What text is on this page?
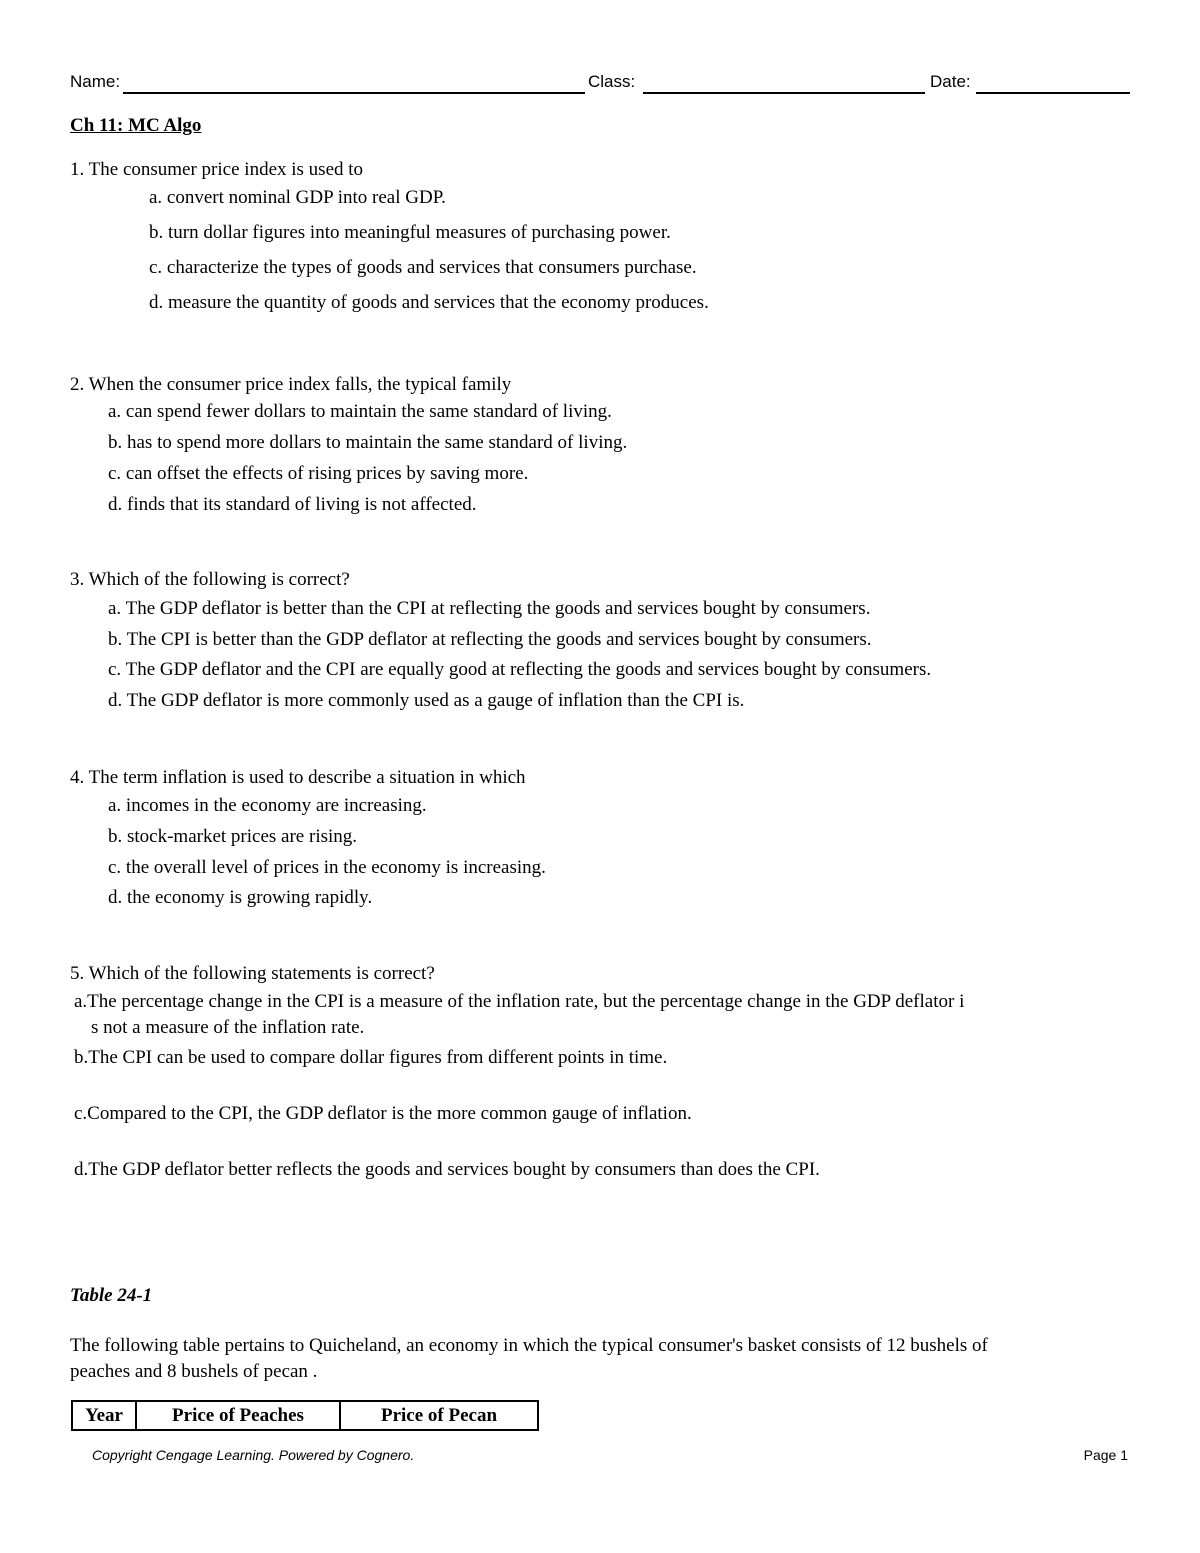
Name:	Class:	Date:
Ch 11: MC Algo
1. The consumer price index is used to
a. convert nominal GDP into real GDP.
b. turn dollar figures into meaningful measures of purchasing power.
c. characterize the types of goods and services that consumers purchase.
d. measure the quantity of goods and services that the economy produces.
2. When the consumer price index falls, the typical family
a. can spend fewer dollars to maintain the same standard of living.
b. has to spend more dollars to maintain the same standard of living.
c. can offset the effects of rising prices by saving more.
d. finds that its standard of living is not affected.
3. Which of the following is correct?
a. The GDP deflator is better than the CPI at reflecting the goods and services bought by consumers.
b. The CPI is better than the GDP deflator at reflecting the goods and services bought by consumers.
c. The GDP deflator and the CPI are equally good at reflecting the goods and services bought by consumers.
d. The GDP deflator is more commonly used as a gauge of inflation than the CPI is.
4. The term inflation is used to describe a situation in which
a. incomes in the economy are increasing.
b. stock-market prices are rising.
c. the overall level of prices in the economy is increasing.
d. the economy is growing rapidly.
5. Which of the following statements is correct?
a.The percentage change in the CPI is a measure of the inflation rate, but the percentage change in the GDP deflator i
s not a measure of the inflation rate.
b.The CPI can be used to compare dollar figures from different points in time.
c.Compared to the CPI, the GDP deflator is the more common gauge of inflation.
d.The GDP deflator better reflects the goods and services bought by consumers than does the CPI.
Table 24-1
The following table pertains to Quicheland, an economy in which the typical consumer's basket consists of 12 bushels of
peaches and 8 bushels of pecan .
Year	Price of Peaches	Price of Pecan
Copyright Cengage Learning. Powered by Cognero.	Page 1
